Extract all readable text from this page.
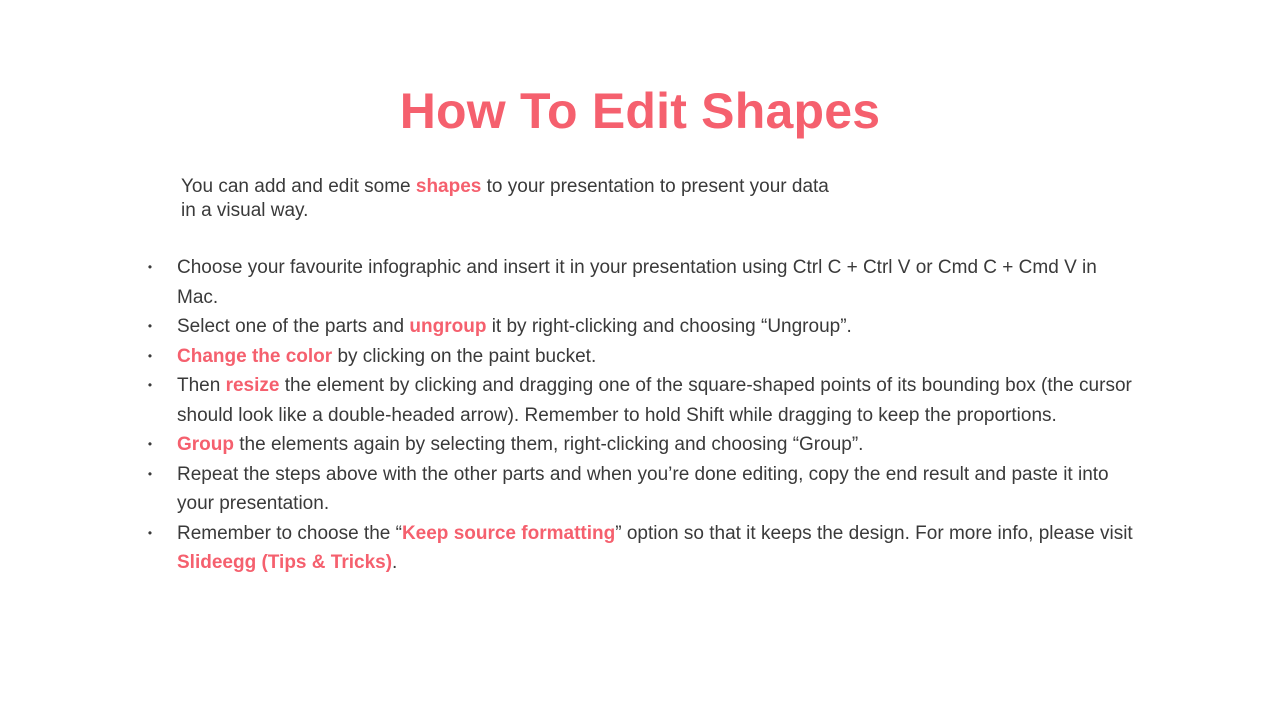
How To Edit Shapes
You can add and edit some shapes to your presentation to present your data in a visual way.
• Choose your favourite infographic and insert it in your presentation using Ctrl C + Ctrl V or Cmd C + Cmd V in Mac.
• Select one of the parts and ungroup it by right-clicking and choosing “Ungroup”.
• Change the color by clicking on the paint bucket.
• Then resize the element by clicking and dragging one of the square-shaped points of its bounding box (the cursor should look like a double-headed arrow). Remember to hold Shift while dragging to keep the proportions.
• Group the elements again by selecting them, right-clicking and choosing “Group”.
• Repeat the steps above with the other parts and when you’re done editing, copy the end result and paste it into your presentation.
• Remember to choose the “Keep source formatting” option so that it keeps the design. For more info, please visit Slideegg (Tips & Tricks).
